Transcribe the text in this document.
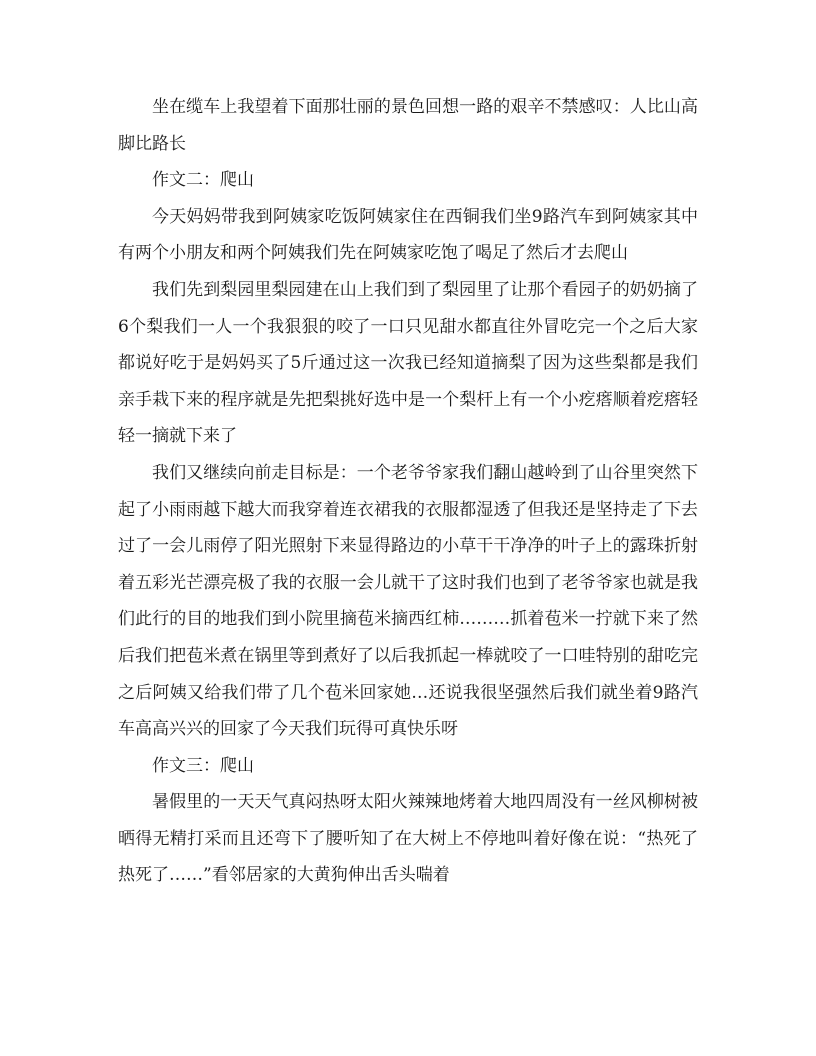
坐在缆车上我望着下面那壮丽的景色回想一路的艰辛不禁感叹：人比山高脚比路长

作文二：爬山

今天妈妈带我到阿姨家吃饭阿姨家住在西铜我们坐9路汽车到阿姨家其中有两个小朋友和两个阿姨我们先在阿姨家吃饱了喝足了然后才去爬山

我们先到梨园里梨园建在山上我们到了梨园里了让那个看园子的奶奶摘了6个梨我们一人一个我狠狠的咬了一口只见甜水都直往外冒吃完一个之后大家都说好吃于是妈妈买了5斤通过这一次我已经知道摘梨了因为这些梨都是我们亲手栽下来的程序就是先把梨挑好选中是一个梨杆上有一个小疙瘩顺着疙瘩轻轻一摘就下来了

我们又继续向前走目标是：一个老爷爷家我们翻山越岭到了山谷里突然下起了小雨雨越下越大而我穿着连衣裙我的衣服都湿透了但我还是坚持走了下去过了一会儿雨停了阳光照射下来显得路边的小草干干净净的叶子上的露珠折射着五彩光芒漂亮极了我的衣服一会儿就干了这时我们也到了老爷爷家也就是我们此行的目的地我们到小院里摘苞米摘西红柿………抓着苞米一拧就下来了然后我们把苞米煮在锅里等到煮好了以后我抓起一棒就咬了一口哇特别的甜吃完之后阿姨又给我们带了几个苞米回家她…还说我很坚强然后我们就坐着9路汽车高高兴兴的回家了今天我们玩得可真快乐呀

作文三：爬山

暑假里的一天天气真闷热呀太阳火辣辣地烤着大地四周没有一丝风柳树被晒得无精打采而且还弯下了腰听知了在大树上不停地叫着好像在说：“热死了热死了……”看邻居家的大黄狗伸出舌头喘着
